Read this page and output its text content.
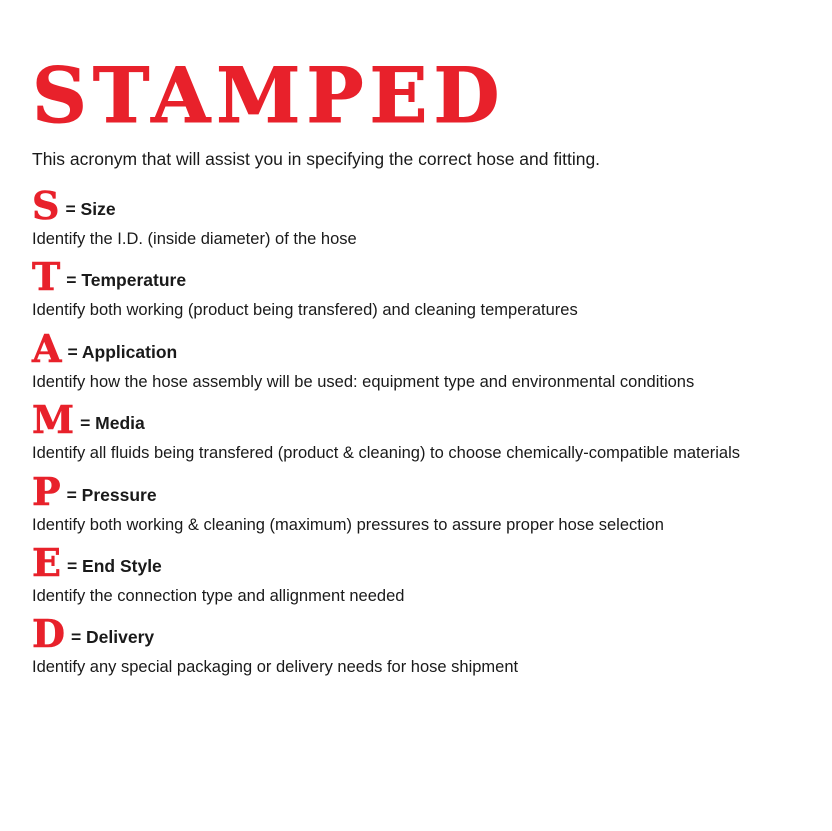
STAMPED

This acronym that will assist you in specifying the correct hose and fitting.

S = Size
Identify the I.D. (inside diameter) of the hose
T = Temperature
Identify both working (product being transfered) and cleaning temperatures
A = Application
Identify how the hose assembly will be used: equipment type and environmental conditions
M = Media
Identify all fluids being transfered (product & cleaning) to choose chemically-compatible materials
P = Pressure
Identify both working & cleaning (maximum) pressures to assure proper hose selection
E = End Style
Identify the connection type and allignment needed
D = Delivery
Identify any special packaging or delivery needs for hose shipment
